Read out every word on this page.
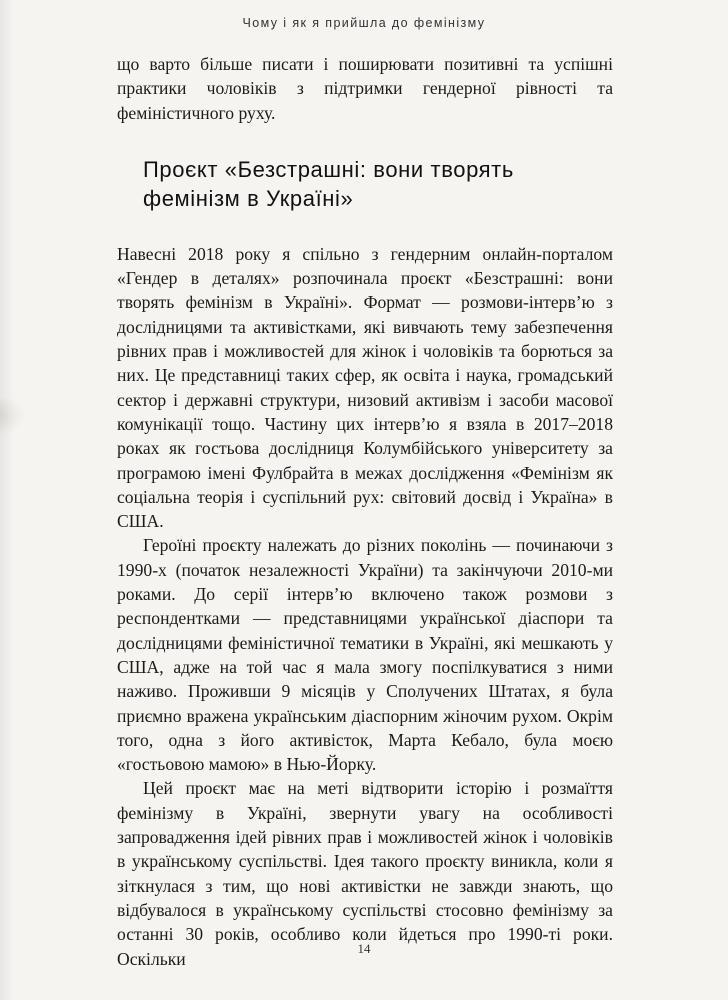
Чому і як я прийшла до фемінізму

що варто більше писати і поширювати позитивні та успішні практики чоловіків з підтримки гендерної рівності та феміністичного руху.

Проєкт «Безстрашні: вони творять фемінізм в Україні»

Навесні 2018 року я спільно з гендерним онлайн-порталом «Гендер в деталях» розпочинала проєкт «Безстрашні: вони творять фемінізм в Україні». Формат — розмови-інтерв’ю з дослідницями та активістками, які вивчають тему забезпечення рівних прав і можливостей для жінок і чоловіків та борються за них. Це представниці таких сфер, як освіта і наука, громадський сектор і державні структури, низовий активізм і засоби масової комунікації тощо. Частину цих інтерв’ю я взяла в 2017–2018 роках як гостьова дослідниця Колумбійського університету за програмою імені Фулбрайта в межах дослідження «Фемінізм як соціальна теорія і суспільний рух: світовий досвід і Україна» в США.

Героїні проєкту належать до різних поколінь — починаючи з 1990-х (початок незалежності України) та закінчуючи 2010-ми роками. До серії інтерв’ю включено також розмови з респондентками — представницями української діаспори та дослідницями феміністичної тематики в Україні, які мешкають у США, адже на той час я мала змогу поспілкуватися з ними наживо. Проживши 9 місяців у Сполучених Штатах, я була приємно вражена українським діаспорним жіночим рухом. Окрім того, одна з його активісток, Марта Кебало, була моєю «гостьовою мамою» в Нью-Йорку.

Цей проєкт має на меті відтворити історію і розмаїття фемінізму в Україні, звернути увагу на особливості запровадження ідей рівних прав і можливостей жінок і чоловіків в українському суспільстві. Ідея такого проєкту виникла, коли я зіткнулася з тим, що нові активістки не завжди знають, що відбувалося в українському суспільстві стосовно фемінізму за останні 30 років, особливо коли йдеться про 1990-ті роки. Оскільки	14
